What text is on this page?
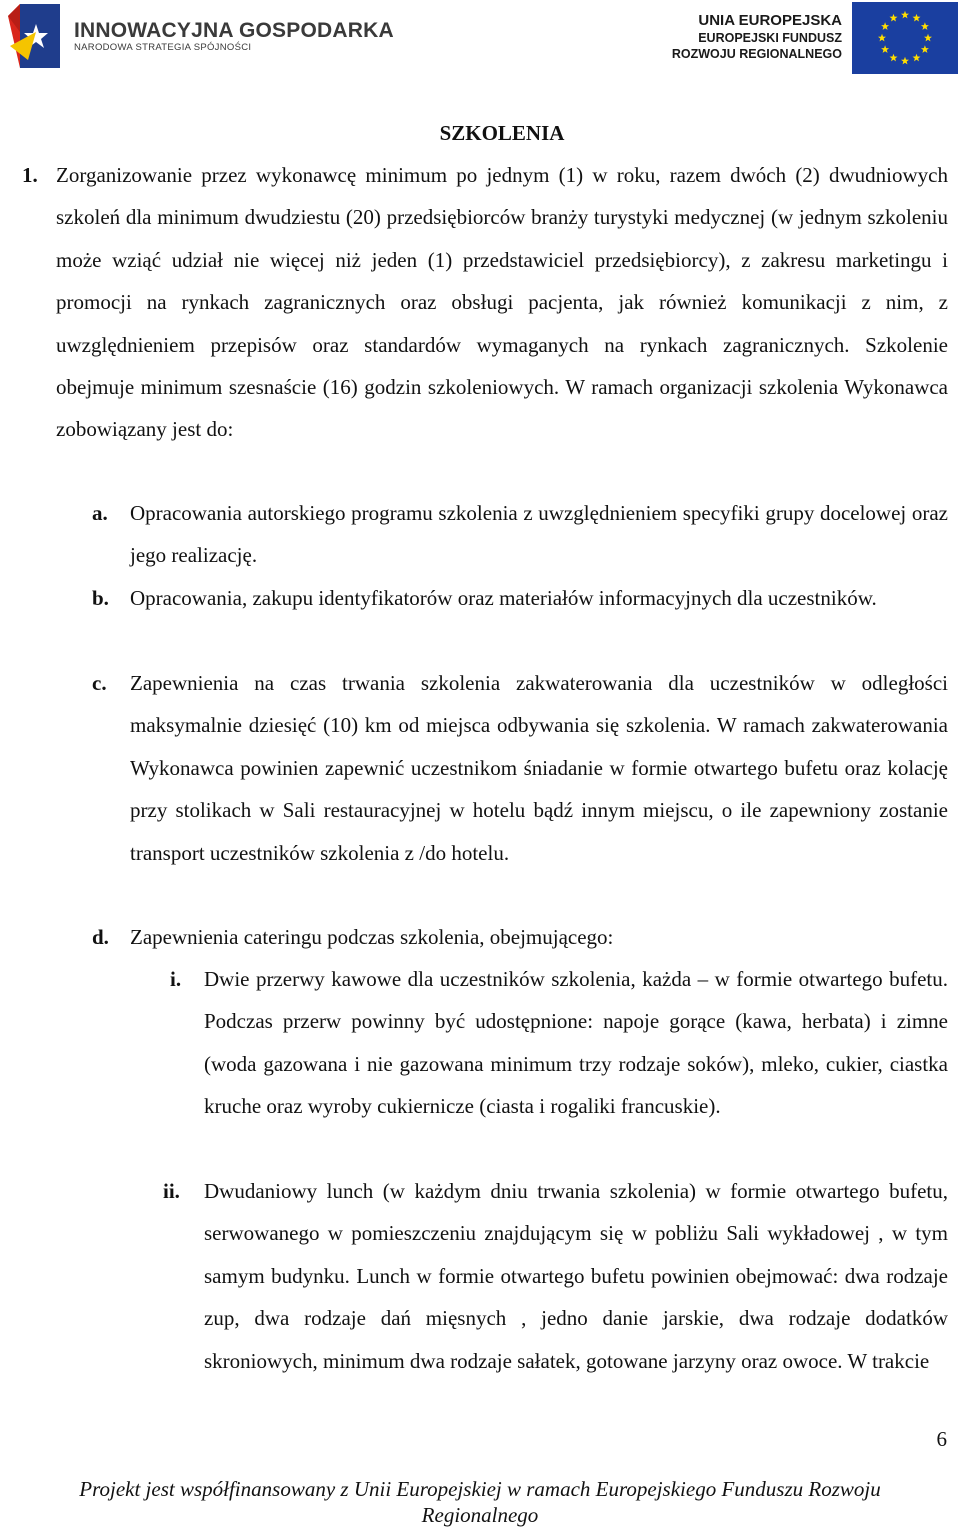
INNOWACYJNA GOSPODARKA
NARODOWA STRATEGIA SPÓJNOŚCI
UNIA EUROPEJSKA
EUROPEJSKI FUNDUSZ
ROZWOJU REGIONALNEGO
SZKOLENIA
1. Zorganizowanie przez wykonawcę minimum po jednym (1) w roku, razem dwóch (2) dwudniowych szkoleń dla minimum dwudziestu (20) przedsiębiorców branży turystyki medycznej (w jednym szkoleniu może wziąć udział nie więcej niż jeden (1) przedstawiciel przedsiębiorcy), z zakresu marketingu i promocji na rynkach zagranicznych oraz obsługi pacjenta, jak również komunikacji z nim, z uwzględnieniem przepisów oraz standardów wymaganych na rynkach zagranicznych. Szkolenie obejmuje minimum szesnaście (16) godzin szkoleniowych. W ramach organizacji szkolenia Wykonawca zobowiązany jest do:
a. Opracowania autorskiego programu szkolenia z uwzględnieniem specyfiki grupy docelowej oraz jego realizację.
b. Opracowania, zakupu identyfikatorów oraz materiałów informacyjnych dla uczestników.
c. Zapewnienia na czas trwania szkolenia zakwaterowania dla uczestników w odległości maksymalnie dziesięć (10) km od miejsca odbywania się szkolenia. W ramach zakwaterowania Wykonawca powinien zapewnić uczestnikom śniadanie w formie otwartego bufetu oraz kolację przy stolikach w Sali restauracyjnej w hotelu bądź innym miejscu, o ile zapewniony zostanie transport uczestników szkolenia z /do hotelu.
d. Zapewnienia cateringu podczas szkolenia, obejmującego:
i. Dwie przerwy kawowe dla uczestników szkolenia, każda – w formie otwartego bufetu. Podczas przerw powinny być udostępnione: napoje gorące (kawa, herbata) i zimne (woda gazowana i nie gazowana minimum trzy rodzaje soków), mleko, cukier, ciastka kruche oraz wyroby cukiernicze (ciasta i rogaliki francuskie).
ii. Dwudaniowy lunch (w każdym dniu trwania szkolenia) w formie otwartego bufetu, serwowanego w pomieszczeniu znajdującym się w pobliżu Sali wykładowej , w tym samym budynku. Lunch w formie otwartego bufetu powinien obejmować: dwa rodzaje zup, dwa rodzaje dań mięsnych , jedno danie jarskie, dwa rodzaje dodatków skroniowych, minimum dwa rodzaje sałatek, gotowane jarzyny oraz owoce. W trakcie
6
Projekt jest współfinansowany z Unii Europejskiej w ramach Europejskiego Funduszu Rozwoju Regionalnego
